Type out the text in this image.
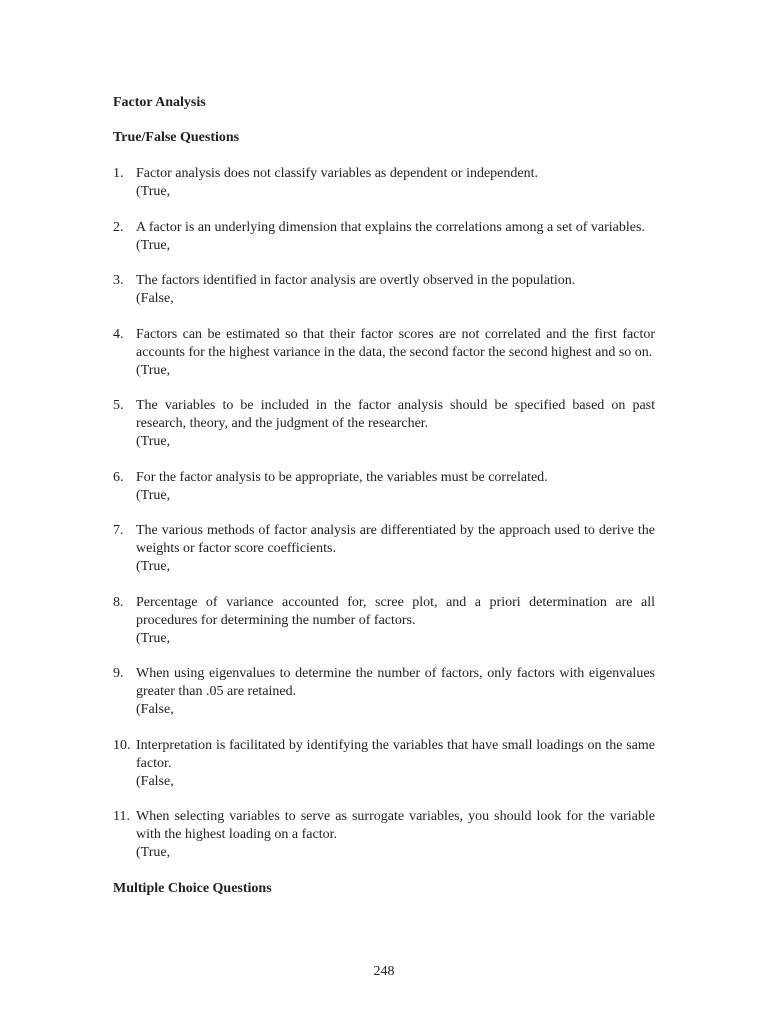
Factor Analysis

True/False Questions

1. Factor analysis does not classify variables as dependent or independent.
(True,
2. A factor is an underlying dimension that explains the correlations among a set of variables.
(True,
3. The factors identified in factor analysis are overtly observed in the population.
(False,
4. Factors can be estimated so that their factor scores are not correlated and the first factor accounts for the highest variance in the data, the second factor the second highest and so on.
(True,
5. The variables to be included in the factor analysis should be specified based on past research, theory, and the judgment of the researcher.
(True,
6. For the factor analysis to be appropriate, the variables must be correlated.
(True,
7. The various methods of factor analysis are differentiated by the approach used to derive the weights or factor score coefficients.
(True,
8. Percentage of variance accounted for, scree plot, and a priori determination are all procedures for determining the number of factors.
(True,
9. When using eigenvalues to determine the number of factors, only factors with eigenvalues greater than .05 are retained.
(False,
10. Interpretation is facilitated by identifying the variables that have small loadings on the same factor.
(False,
11. When selecting variables to serve as surrogate variables, you should look for the variable with the highest loading on a factor.
(True,

Multiple Choice Questions

248
